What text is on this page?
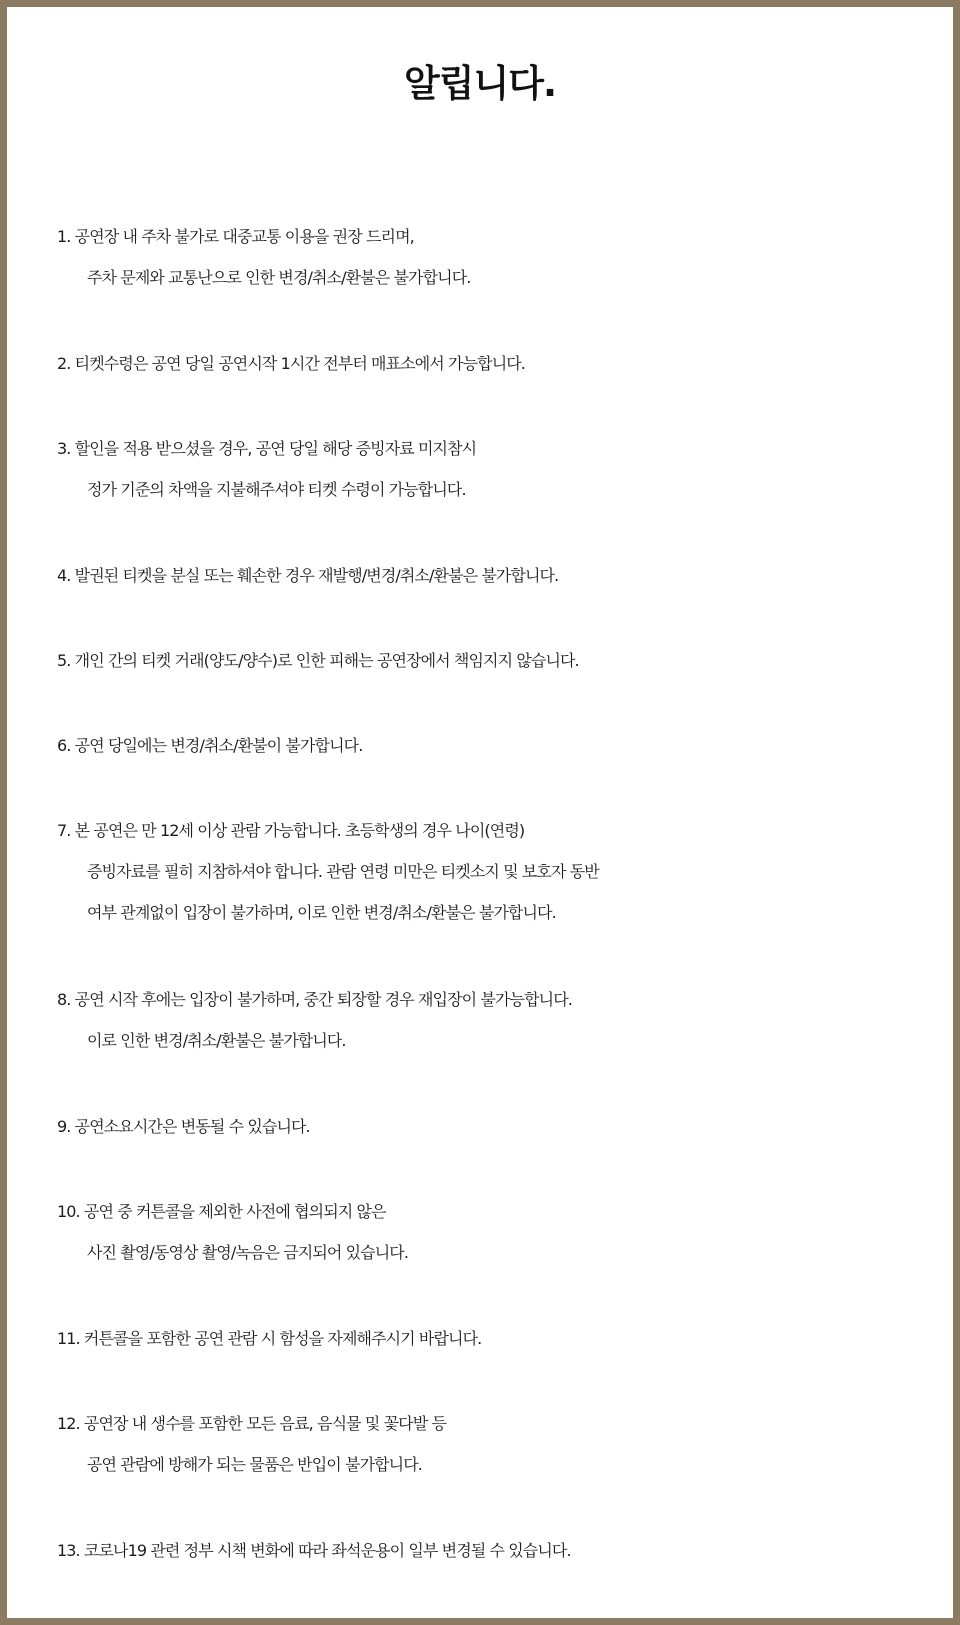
알립니다.
1. 공연장 내 주차 불가로 대중교통 이용을 권장 드리며,
주차 문제와 교통난으로 인한 변경/취소/환불은 불가합니다.
2. 티켓수령은 공연 당일 공연시작 1시간 전부터 매표소에서 가능합니다.
3. 할인을 적용 받으셨을 경우, 공연 당일 해당 증빙자료 미지참시
정가 기준의 차액을 지불해주셔야 티켓 수령이 가능합니다.
4. 발권된 티켓을 분실 또는 훼손한 경우 재발행/변경/취소/환불은 불가합니다.
5. 개인 간의 티켓 거래(양도/양수)로 인한 피해는 공연장에서 책임지지 않습니다.
6. 공연 당일에는 변경/취소/환불이 불가합니다.
7. 본 공연은 만 12세 이상 관람 가능합니다. 초등학생의 경우 나이(연령)
증빙자료를 필히 지참하셔야 합니다. 관람 연령 미만은 티켓소지 및 보호자 동반
여부 관계없이 입장이 불가하며, 이로 인한 변경/취소/환불은 불가합니다.
8. 공연 시작 후에는 입장이 불가하며, 중간 퇴장할 경우 재입장이 불가능합니다.
이로 인한 변경/취소/환불은 불가합니다.
9. 공연소요시간은 변동될 수 있습니다.
10. 공연 중 커튼콜을 제외한 사전에 협의되지 않은
사진 촬영/동영상 촬영/녹음은 금지되어 있습니다.
11. 커튼콜을 포함한 공연 관람 시 함성을 자제해주시기 바랍니다.
12. 공연장 내 생수를 포함한 모든 음료, 음식물 및 꽃다발 등
공연 관람에 방해가 되는 물품은 반입이 불가합니다.
13. 코로나19 관련 정부 시책 변화에 따라 좌석운용이 일부 변경될 수 있습니다.
